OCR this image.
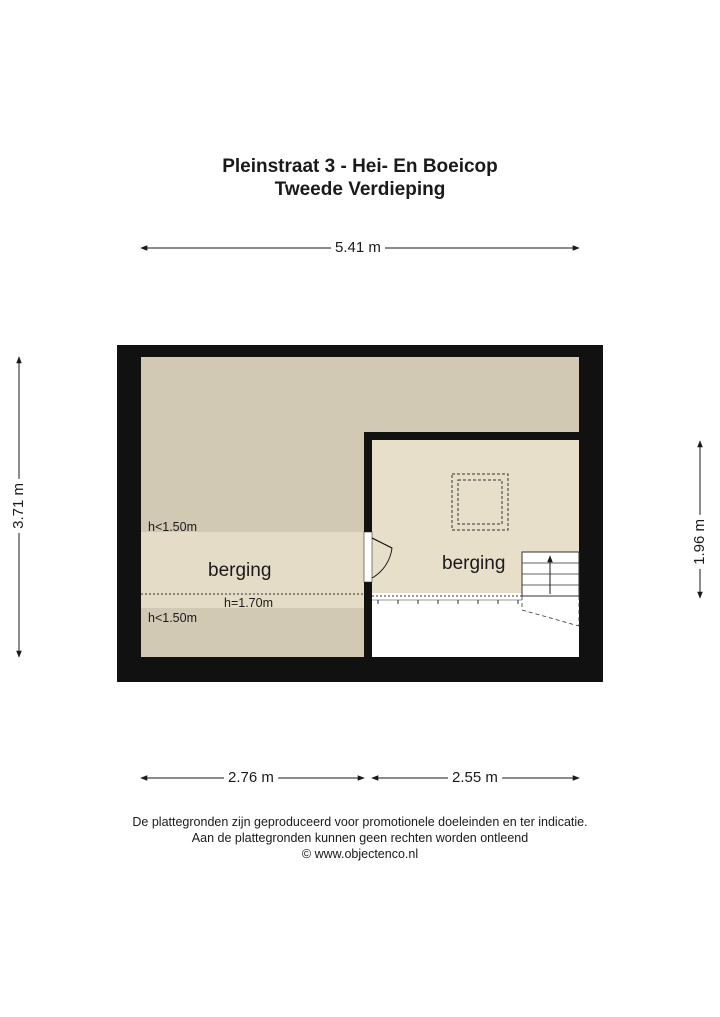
Pleinstraat 3 - Hei- En Boeicop
Tweede Verdieping
h<1.50m
berging
h=1.70m
h<1.50m
berging
5.41 m
3.71 m
1.96 m
2.76 m	2.55 m
De plattegronden zijn geproduceerd voor promotionele doeleinden en ter indicatie.
Aan de plattegronden kunnen geen rechten worden ontleend
© www.objectenco.nl
